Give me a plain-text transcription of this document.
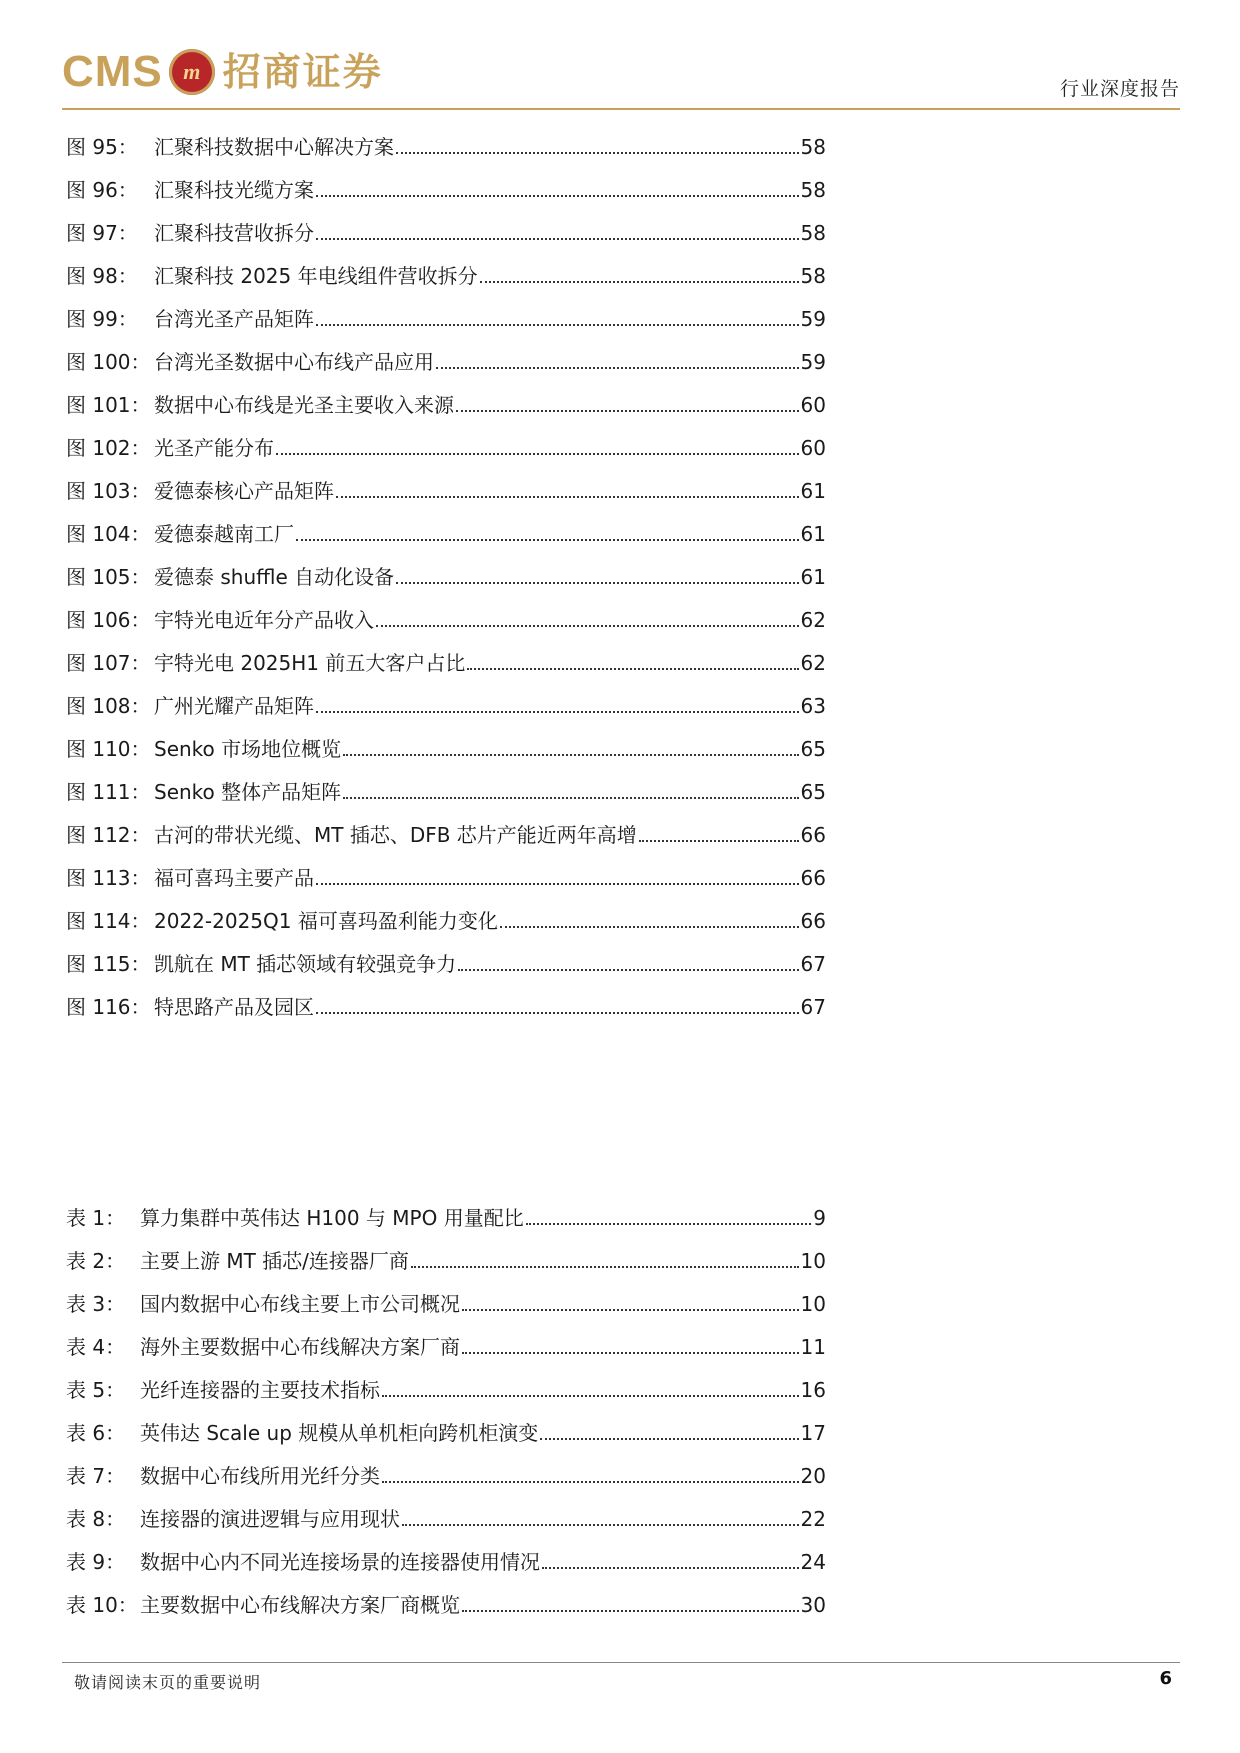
CMS m 招商证券	行业深度报告
图 95： 汇聚科技数据中心解决方案	58
图 96： 汇聚科技光缆方案	58
图 97： 汇聚科技营收拆分	58
图 98： 汇聚科技 2025 年电线组件营收拆分	58
图 99： 台湾光圣产品矩阵	59
图 100： 台湾光圣数据中心布线产品应用	59
图 101： 数据中心布线是光圣主要收入来源	60
图 102： 光圣产能分布	60
图 103： 爱德泰核心产品矩阵	61
图 104： 爱德泰越南工厂	61
图 105： 爱德泰 shuffle 自动化设备	61
图 106： 宇特光电近年分产品收入	62
图 107： 宇特光电 2025H1 前五大客户占比	62
图 108： 广州光耀产品矩阵	63
图 110： Senko 市场地位概览	65
图 111： Senko 整体产品矩阵	65
图 112： 古河的带状光缆、MT 插芯、DFB 芯片产能近两年高增	66
图 113： 福可喜玛主要产品	66
图 114： 2022-2025Q1 福可喜玛盈利能力变化	66
图 115： 凯航在 MT 插芯领域有较强竞争力	67
图 116： 特思路产品及园区	67
表 1： 算力集群中英伟达 H100 与 MPO 用量配比	9
表 2： 主要上游 MT 插芯/连接器厂商	10
表 3： 国内数据中心布线主要上市公司概况	10
表 4： 海外主要数据中心布线解决方案厂商	11
表 5： 光纤连接器的主要技术指标	16
表 6： 英伟达 Scale up 规模从单机柜向跨机柜演变	17
表 7： 数据中心布线所用光纤分类	20
表 8： 连接器的演进逻辑与应用现状	22
表 9： 数据中心内不同光连接场景的连接器使用情况	24
表 10： 主要数据中心布线解决方案厂商概览	30
敬请阅读末页的重要说明	6
